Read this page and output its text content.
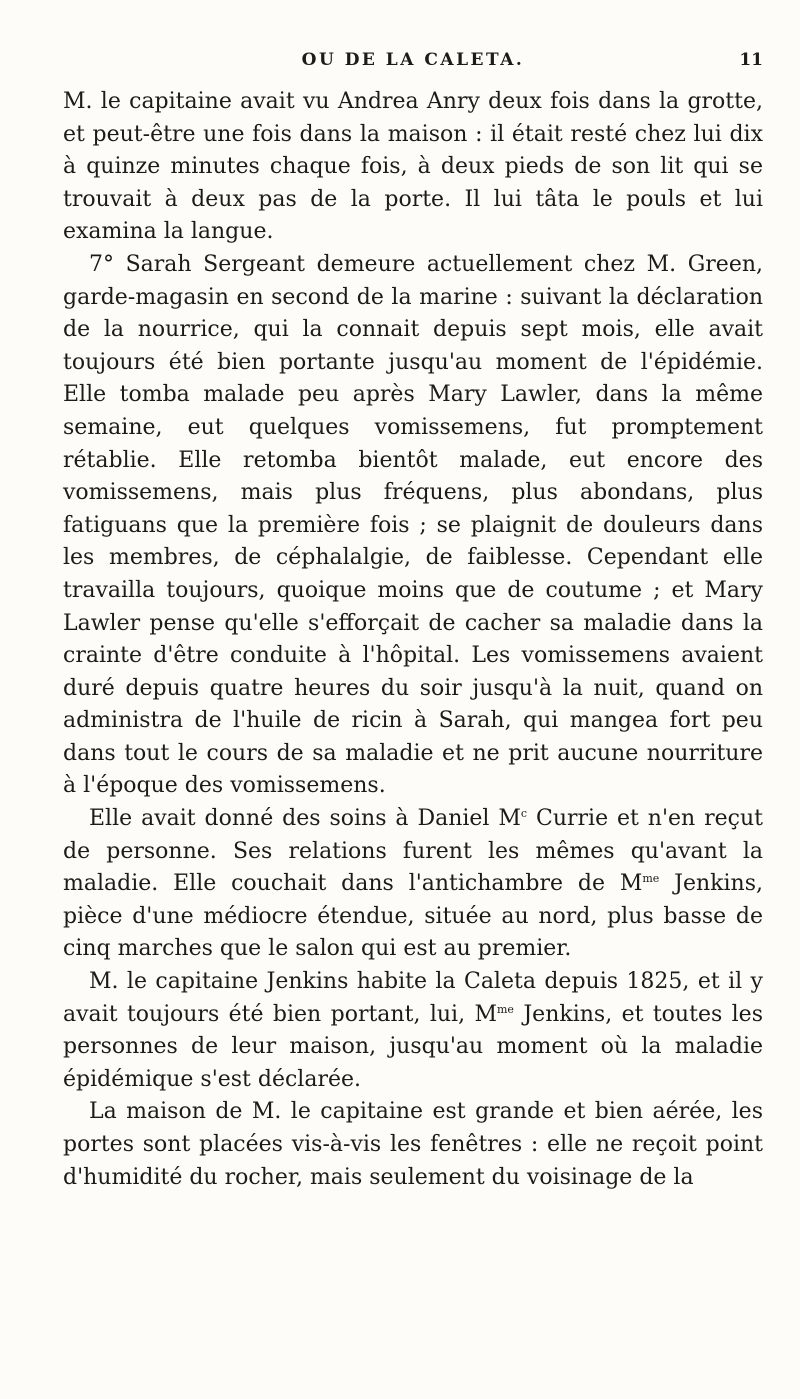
OU DE LA CALETA.	11

M. le capitaine avait vu Andrea Anry deux fois dans la grotte, et peut-être une fois dans la maison : il était resté chez lui dix à quinze minutes chaque fois, à deux pieds de son lit qui se trouvait à deux pas de la porte. Il lui tâta le pouls et lui examina la langue.

7° Sarah Sergeant demeure actuellement chez M. Green, garde-magasin en second de la marine : suivant la déclaration de la nourrice, qui la connait depuis sept mois, elle avait toujours été bien portante jusqu'au moment de l'épidémie. Elle tomba malade peu après Mary Lawler, dans la même semaine, eut quelques vomissemens, fut promptement rétablie. Elle retomba bientôt malade, eut encore des vomissemens, mais plus fréquens, plus abondans, plus fatiguans que la première fois ; se plaignit de douleurs dans les membres, de céphalalgie, de faiblesse. Cependant elle travailla toujours, quoique moins que de coutume ; et Mary Lawler pense qu'elle s'efforçait de cacher sa maladie dans la crainte d'être conduite à l'hôpital. Les vomissemens avaient duré depuis quatre heures du soir jusqu'à la nuit, quand on administra de l'huile de ricin à Sarah, qui mangea fort peu dans tout le cours de sa maladie et ne prit aucune nourriture à l'époque des vomissemens.

Elle avait donné des soins à Daniel $M^c$ Currie et n'en reçut de personne. Ses relations furent les mêmes qu'avant la maladie. Elle couchait dans l'antichambre de $M^{me}$ Jenkins, pièce d'une médiocre étendue, située au nord, plus basse de cinq marches que le salon qui est au premier.

M. le capitaine Jenkins habite la Caleta depuis 1825, et il y avait toujours été bien portant, lui, $M^{me}$ Jenkins, et toutes les personnes de leur maison, jusqu'au moment où la maladie épidémique s'est déclarée.

La maison de M. le capitaine est grande et bien aérée, les portes sont placées vis-à-vis les fenêtres : elle ne reçoit point d'humidité du rocher, mais seulement du voisinage de la
